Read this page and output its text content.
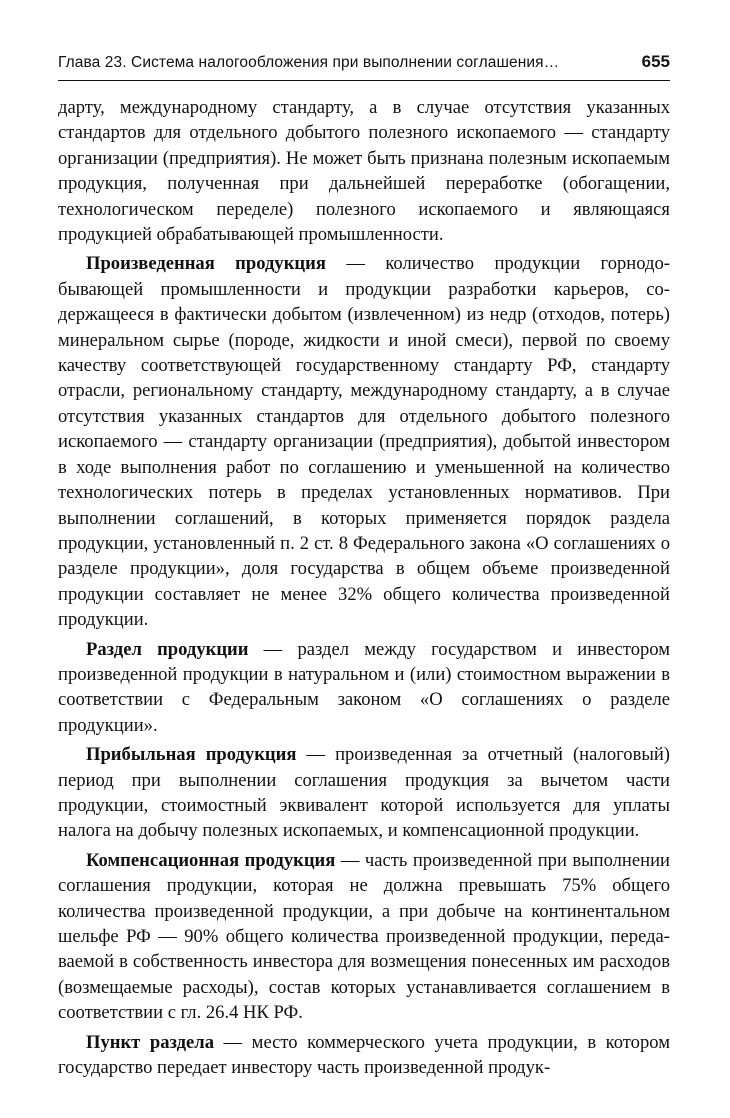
Глава 23. Система налогообложения при выполнении соглашения…	655

дарту, международному стандарту, а в случае отсутствия указанных стандартов для отдельного добытого полезного ископаемого — стандарту организации (предприятия). Не может быть признана полезным ископаемым продукция, полученная при дальнейшей переработке (обогащении, технологическом переделе) полезного ископаемого и являющаяся продукцией обрабатывающей промышленности.

Произведенная продукция — количество продукции горнодобывающей промышленности и продукции разработки карьеров, содержащееся в фактически добытом (извлеченном) из недр (отходов, потерь) минеральном сырье (породе, жидкости и иной смеси), первой по своему качеству соответствующей государственному стандарту РФ, стандарту отрасли, региональному стандарту, международному стандарту, а в случае отсутствия указанных стандартов для отдельного добытого полезного ископаемого — стандарту организации (предприятия), добытой инвестором в ходе выполнения работ по соглашению и уменьшенной на количество технологических потерь в пределах установленных нормативов. При выполнении соглашений, в которых применяется порядок раздела продукции, установленный п. 2 ст. 8 Федерального закона «О соглашениях о разделе продукции», доля государства в общем объеме произведенной продукции составляет не менее 32% общего количества произведенной продукции.

Раздел продукции — раздел между государством и инвестором произведенной продукции в натуральном и (или) стоимостном выражении в соответствии с Федеральным законом «О соглашениях о разделе продукции».

Прибыльная продукция — произведенная за отчетный (налоговый) период при выполнении соглашения продукция за вычетом части продукции, стоимостный эквивалент которой используется для уплаты налога на добычу полезных ископаемых, и компенсационной продукции.

Компенсационная продукция — часть произведенной при выполнении соглашения продукции, которая не должна превышать 75% общего количества произведенной продукции, а при добыче на континентальном шельфе РФ — 90% общего количества произведенной продукции, передаваемой в собственность инвестора для возмещения понесенных им расходов (возмещаемые расходы), состав которых устанавливается соглашением в соответствии с гл. 26.4 НК РФ.

Пункт раздела — место коммерческого учета продукции, в котором государство передает инвестору часть произведенной продук-
